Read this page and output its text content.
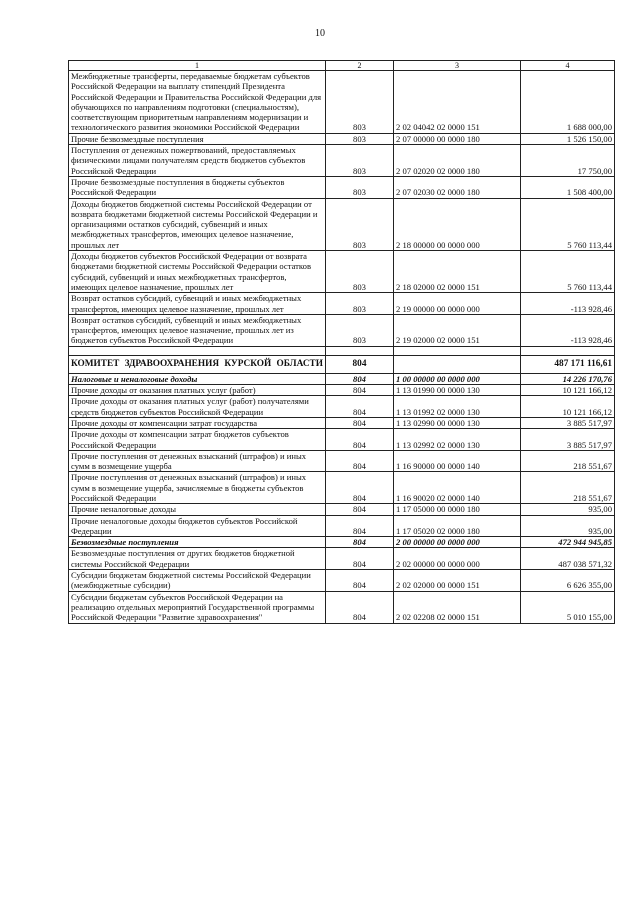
10
1	2	3	4
Межбюджетные трансферты, передаваемые бюджетам субъектов Российской Федерации на выплату стипендий Президента Российской Федерации и Правительства Российской Федерации для обучающихся по направлениям подготовки (специальностям), соответствующим приоритетным направлениям модернизации и технологического развития экономики Российской Федерации	803	2 02 04042 02 0000 151	1 688 000,00
Прочие безвозмездные поступления	803	2 07 00000 00 0000 180	1 526 150,00
Поступления от денежных пожертвований, предоставляемых физическими лицами получателям средств бюджетов субъектов Российской Федерации	803	2 07 02020 02 0000 180	17 750,00
Прочие безвозмездные поступления в бюджеты субъектов Российской Федерации	803	2 07 02030 02 0000 180	1 508 400,00
Доходы бюджетов бюджетной системы Российской Федерации от возврата бюджетами бюджетной системы Российской Федерации и организациями остатков субсидий, субвенций и иных межбюджетных трансфертов, имеющих целевое назначение, прошлых лет	803	2 18 00000 00 0000 000	5 760 113,44
Доходы бюджетов субъектов Российской Федерации от возврата бюджетами бюджетной системы Российской Федерации остатков субсидий, субвенций и иных межбюджетных трансфертов, имеющих целевое назначение, прошлых лет	803	2 18 02000 02 0000 151	5 760 113,44
Возврат остатков субсидий, субвенций и иных межбюджетных трансфертов, имеющих целевое назначение, прошлых лет	803	2 19 00000 00 0000 000	-113 928,46
Возврат остатков субсидий, субвенций и иных межбюджетных трансфертов, имеющих целевое назначение, прошлых лет из бюджетов субъектов Российской Федерации	803	2 19 02000 02 0000 151	-113 928,46

КОМИТЕТ ЗДРАВООХРАНЕНИЯ КУРСКОЙ ОБЛАСТИ	804		487 171 116,61
Налоговые и неналоговые доходы	804	1 00 00000 00 0000 000	14 226 170,76
Прочие доходы от оказания платных услуг (работ)	804	1 13 01990 00 0000 130	10 121 166,12
Прочие доходы от оказания платных услуг (работ) получателями средств бюджетов субъектов Российской Федерации	804	1 13 01992 02 0000 130	10 121 166,12
Прочие доходы от компенсации затрат государства	804	1 13 02990 00 0000 130	3 885 517,97
Прочие доходы от компенсации затрат бюджетов субъектов Российской Федерации	804	1 13 02992 02 0000 130	3 885 517,97
Прочие поступления от денежных взысканий (штрафов) и иных сумм в возмещение ущерба	804	1 16 90000 00 0000 140	218 551,67
Прочие поступления от денежных взысканий (штрафов) и иных сумм в возмещение ущерба, зачисляемые в бюджеты субъектов Российской Федерации	804	1 16 90020 02 0000 140	218 551,67
Прочие неналоговые доходы	804	1 17 05000 00 0000 180	935,00
Прочие неналоговые доходы бюджетов субъектов Российской Федерации	804	1 17 05020 02 0000 180	935,00
Безвозмездные поступления	804	2 00 00000 00 0000 000	472 944 945,85
Безвозмездные поступления от других бюджетов бюджетной системы Российской Федерации	804	2 02 00000 00 0000 000	487 038 571,32
Субсидии бюджетам бюджетной системы Российской Федерации (межбюджетные субсидии)	804	2 02 02000 00 0000 151	6 626 355,00
Субсидии бюджетам субъектов Российской Федерации на реализацию отдельных мероприятий Государственной программы Российской Федерации "Развитие здравоохранения"	804	2 02 02208 02 0000 151	5 010 155,00
